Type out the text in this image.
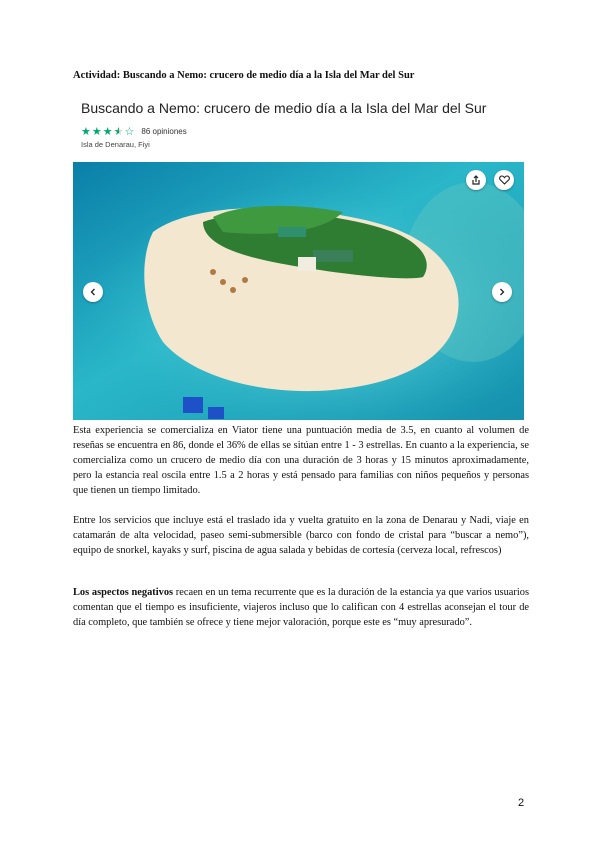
Actividad: Buscando a Nemo: crucero de medio día a la Isla del Mar del Sur
Buscando a Nemo: crucero de medio día a la Isla del Mar del Sur
★ ★ ★ ★ ☆ 86 opiniones
Isla de Denarau, Fiyi
Esta experiencia se comercializa en Viator tiene una puntuación media de 3.5, en cuanto al volumen de reseñas se encuentra en 86, donde el 36% de ellas se sitúan entre 1 - 3 estrellas. En cuanto a la experiencia, se comercializa como un crucero de medio día con una duración de 3 horas y 15 minutos aproximadamente, pero la estancia real oscila entre 1.5 a 2 horas y está pensado para familias con niños pequeños y personas que tienen un tiempo limitado.
Entre los servicios que incluye está el traslado ida y vuelta gratuito en la zona de Denarau y Nadi, viaje en catamarán de alta velocidad, paseo semi-submersible (barco con fondo de cristal para “buscar a nemo”), equipo de snorkel, kayaks y surf, piscina de agua salada y bebidas de cortesía (cerveza local, refrescos)
Los aspectos negativos recaen en un tema recurrente que es la duración de la estancia ya que varios usuarios comentan que el tiempo es insuficiente, viajeros incluso que lo califican con 4 estrellas aconsejan el tour de día completo, que también se ofrece y tiene mejor valoración, porque este es “muy apresurado”.
2
